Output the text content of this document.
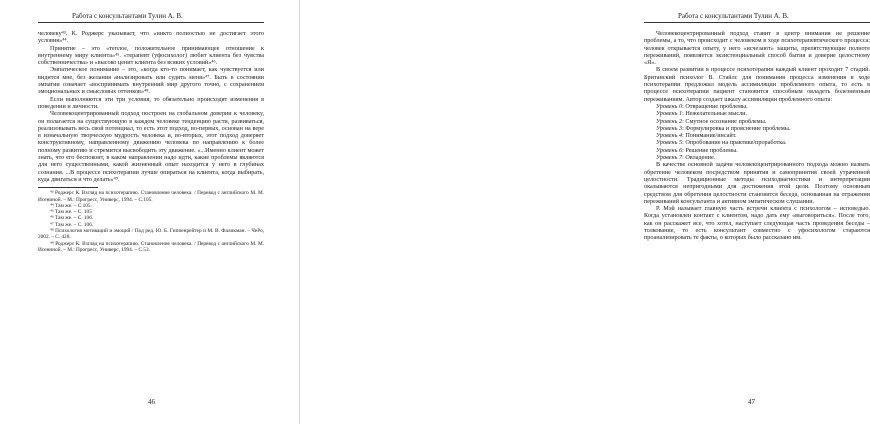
Работа с консультантами Тулин А. В.

человеку⁴³. К. Роджерс указывает, что «никто полностью не достигает этого условия»⁴⁴.

Принятие – это «теплое, положительное принимающее отношение к внутреннему миру клиента»⁴⁵. «терапевт (уфосихолог) любит клиента без чувства собственничества» и «высоко ценит клиента без всяких условий»⁴⁶.

Эмпатическое понимание – это, «когда кто-то понимает, как чувствуется или видится мне, без желания анализировать или судить меня»⁴⁷. Быть в состоянии эмпатии означает «воспринимать внутренний мир другого точно, с сохранением эмоциональных и смысловых оттенков»⁴⁸.

Если выполняются эти три условия, то обязательно происходят изменения в поведении и личности.

Человекоцентрированный подход построен на глобальном доверии к человеку, он полагается на существующую в каждом человеке тенденцию расти, развиваться, реализовывать весь свой потенциал, то есть этот подход, во-первых, основан на вере в изначальную творческую мудрость человека и, во-вторых, этот подход доверяет конструктивному, направленному движению человека по направлению к более полному развитию и стремится высвободить эту движение. «...Именно клиент может знать, что его беспокоит, в каком направлении надо идти, какие проблемы являются для него существенными, какой жизненный опыт находится у него в глубинах сознания. ...В процессе психотерапии лучше опираться на клиента, когда выбирать, куда двигаться и что делать»⁴⁹.

⁴³ Роджерс К. Взгляд на психотерапию. Становление человека. / Перевод с английского М. М. Исениной. – М.: Прогресс, Универс, 1994. – С.105.
⁴⁴ Там же. – С.105.
⁴⁵ Там же. – С. 105
⁴⁶ Там же. – С. 106.
⁴⁷ Там же. – С. 106.
⁴⁸ Психология мотиваций и эмоций / Под ред. Ю. Б. Гиппенрейтер и М. В. Фаликман. – ЧеРо, 2002. – С. 428.
⁴⁹ Роджерс К. Взгляд на психотерапию. Становление человека. / Перевод с английского М. М. Исениной. – М.: Прогресс, Универс, 1994. – С.53.
46
Работа с консультантами Тулин А. В.

Человекоцентрированный подход ставит в центр внимания не решение проблемы, а то, что происходит с человеком в ходе психотерапевтического процесса: человек открывается опыту, у него «исчезают» защиты, препятствующие полноте переживаний, появляется экзистенциальный способ бытия и доверие целостному «Я».

В своем развитии в процессе психотерапии каждый клиент проходит 7 стадий. Британский психолог В. Стайлс для понимания процесса изменения в ходе психотерапии предложил модель ассимиляции проблемного опыта, то есть в процессе психотерапии пациент становится способным овладеть болезненным переживаниям. Автор создает шкалу ассимиляции проблемного опыта:

Уровень 0: Отвращение проблемы.
Уровень 1: Нежелательные мысли.
Уровень 2: Смутное осознание проблемы.
Уровень 3: Формулировка и прояснение проблемы.
Уровень 4: Понимание/инсайт.
Уровень 5: Опробование на практике/проработка.
Уровень 6: Решение проблемы.
Уровень 7: Овладение.

В качестве основной задачи человекоцентрированного подхода можно назвать обретение человеком посредством принятия и самопринятия своей утраченной целостности. Традиционные методы психодиагностики и интерпретации оказываются непригодными для достижения этой цели. Поэтому основным средством для обретения целостности становится беседа, основанная на отражении переживаний консультанта и активном эмпатическом слушании.

Р. Мэй называет главную часть встречи клиента с психологом – исповедью. Когда установлен контакт с клиентом, надо дать ему «выговориться». После того, как он расскажет все, что хотел, наступает следующая часть проведения беседы – толкование, то есть консультант совместно с уфосихологом стараются проанализировать те факты, о которых было рассказано им.

47
